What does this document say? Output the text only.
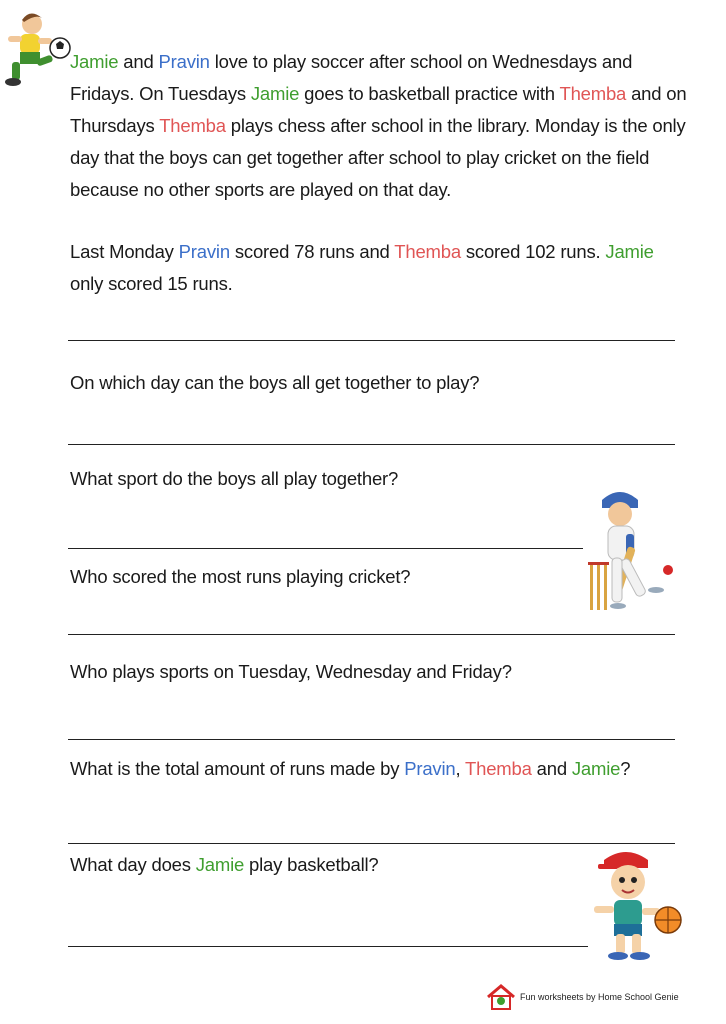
Jamie and Pravin love to play soccer after school on Wednesdays and Fridays. On Tuesdays Jamie goes to basketball practice with Themba and on Thursdays Themba plays chess after school in the library. Monday is the only day that the boys can get together after school to play cricket on the field because no other sports are played on that day.

Last Monday Pravin scored 78 runs and Themba scored 102 runs. Jamie only scored 15 runs.

On which day can the boys all get together to play?
What sport do the boys all play together?
Who scored the most runs playing cricket?
Who plays sports on Tuesday, Wednesday and Friday?
What is the total amount of runs made by Pravin, Themba and Jamie?
What day does Jamie play basketball?
Fun worksheets by Home School Genie
